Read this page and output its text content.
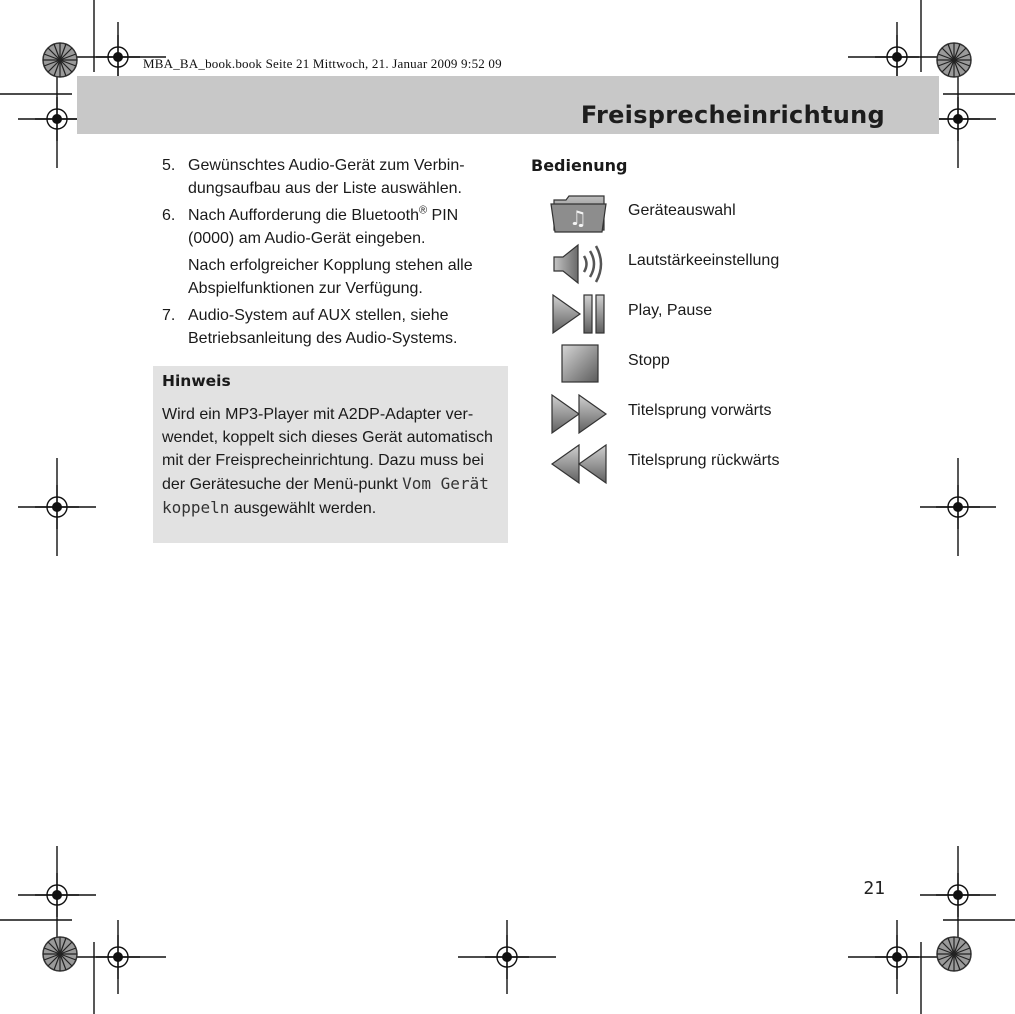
MBA_BA_book.book Seite 21 Mittwoch, 21. Januar 2009 9:52 09
Freisprecheinrichtung
5. Gewünschtes Audio-Gerät zum Verbin-dungsaufbau aus der Liste auswählen.
6. Nach Aufforderung die Bluetooth® PIN (0000) am Audio-Gerät eingeben.
Nach erfolgreicher Kopplung stehen alle Abspielfunktionen zur Verfügung.
7. Audio-System auf AUX stellen, siehe Betriebsanleitung des Audio-Systems.
Hinweis
Wird ein MP3-Player mit A2DP-Adapter ver-wendet, koppelt sich dieses Gerät automatisch mit der Freisprecheinrichtung. Dazu muss bei der Gerätesuche der Menü-punkt Vom Gerät koppeln ausgewählt werden.
Bedienung
♫	Geräteauswahl
Lautstärkeeinstellung
Play, Pause
Stopp
Titelsprung vorwärts
Titelsprung rückwärts
21
